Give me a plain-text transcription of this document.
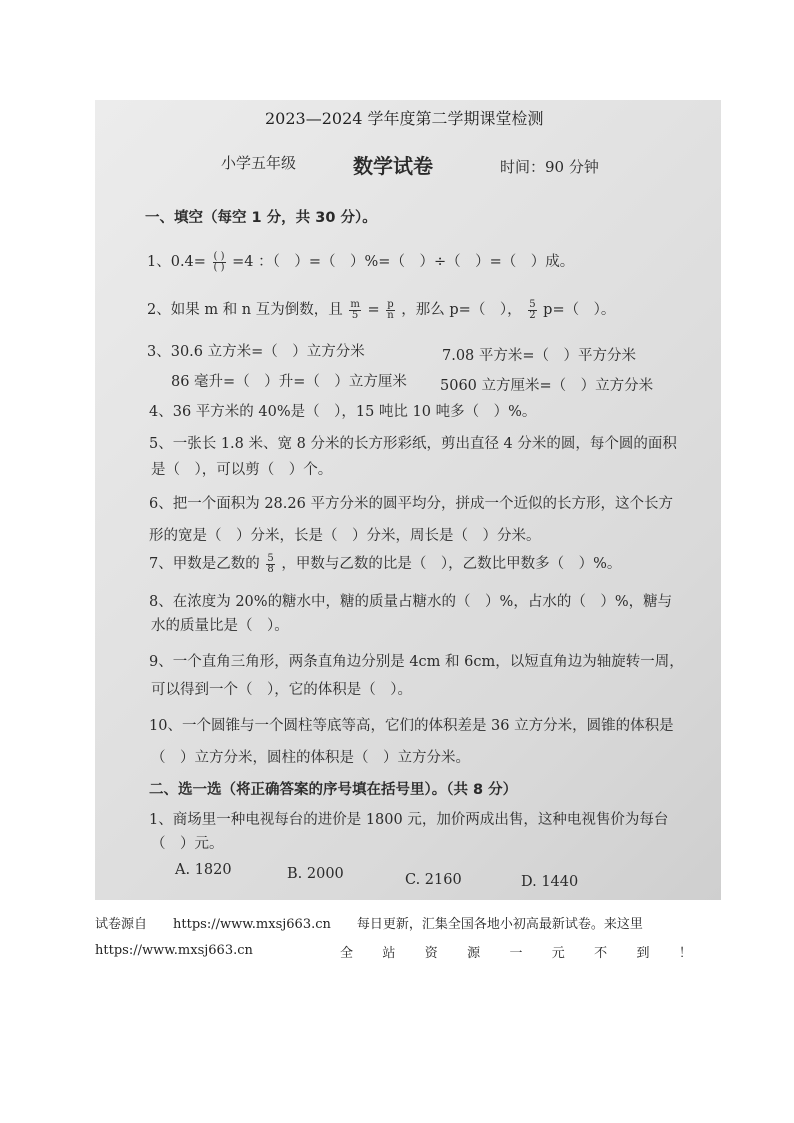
2023—2024 学年度第二学期课堂检测
小学五年级	数学试卷	时间：90 分钟
一、填空（每空 1 分，共 30 分）。
1、$0.4= \frac{( )}{( )} =4$ ：（　）=（　）%=（　）÷（　）=（　）成。
2、如果 m 和 n 互为倒数，且 $\frac{m}{5} = \frac{p}{n}$ ，那么 p=（　）， $\frac{5}{2} p=$（　）。
3、30.6 立方米=（　）立方分米	7.08 平方米=（　）平方分米
86 毫升=（　）升=（　）立方厘米 5060 立方厘米=（　）立方分米
4、36 平方米的 40%是（　），15 吨比 10 吨多（　）%。
5、一张长 1.8 米、宽 8 分米的长方形彩纸，剪出直径 4 分米的圆，每个圆的面积
是（　），可以剪（　）个。
6、把一个面积为 28.26 平方分米的圆平均分，拼成一个近似的长方形，这个长方
形的宽是（　）分米，长是（　）分米，周长是（　）分米。
7、甲数是乙数的 $\frac{5}{8}$ ，甲数与乙数的比是（　），乙数比甲数多（　）%。
8、在浓度为 20%的糖水中，糖的质量占糖水的（　）%，占水的（　）%，糖与
水的质量比是（　）。
9、一个直角三角形，两条直角边分别是 4cm 和 6cm，以短直角边为轴旋转一周，
可以得到一个（　），它的体积是（　）。
10、一个圆锥与一个圆柱等底等高，它们的体积差是 36 立方分米，圆锥的体积是
（　）立方分米，圆柱的体积是（　）立方分米。
二、选一选（将正确答案的序号填在括号里）。（共 8 分）
1、商场里一种电视每台的进价是 1800 元，加价两成出售，这种电视售价为每台
（　）元。
A. 1820	B. 2000	C. 2160	D. 1440
试卷源自　　https://www.mxsj663.cn　　每日更新，汇集全国各地小初高最新试卷。来这里
https://www.mxsj663.cn	全 站 资 源 一 元 不 到 ！
